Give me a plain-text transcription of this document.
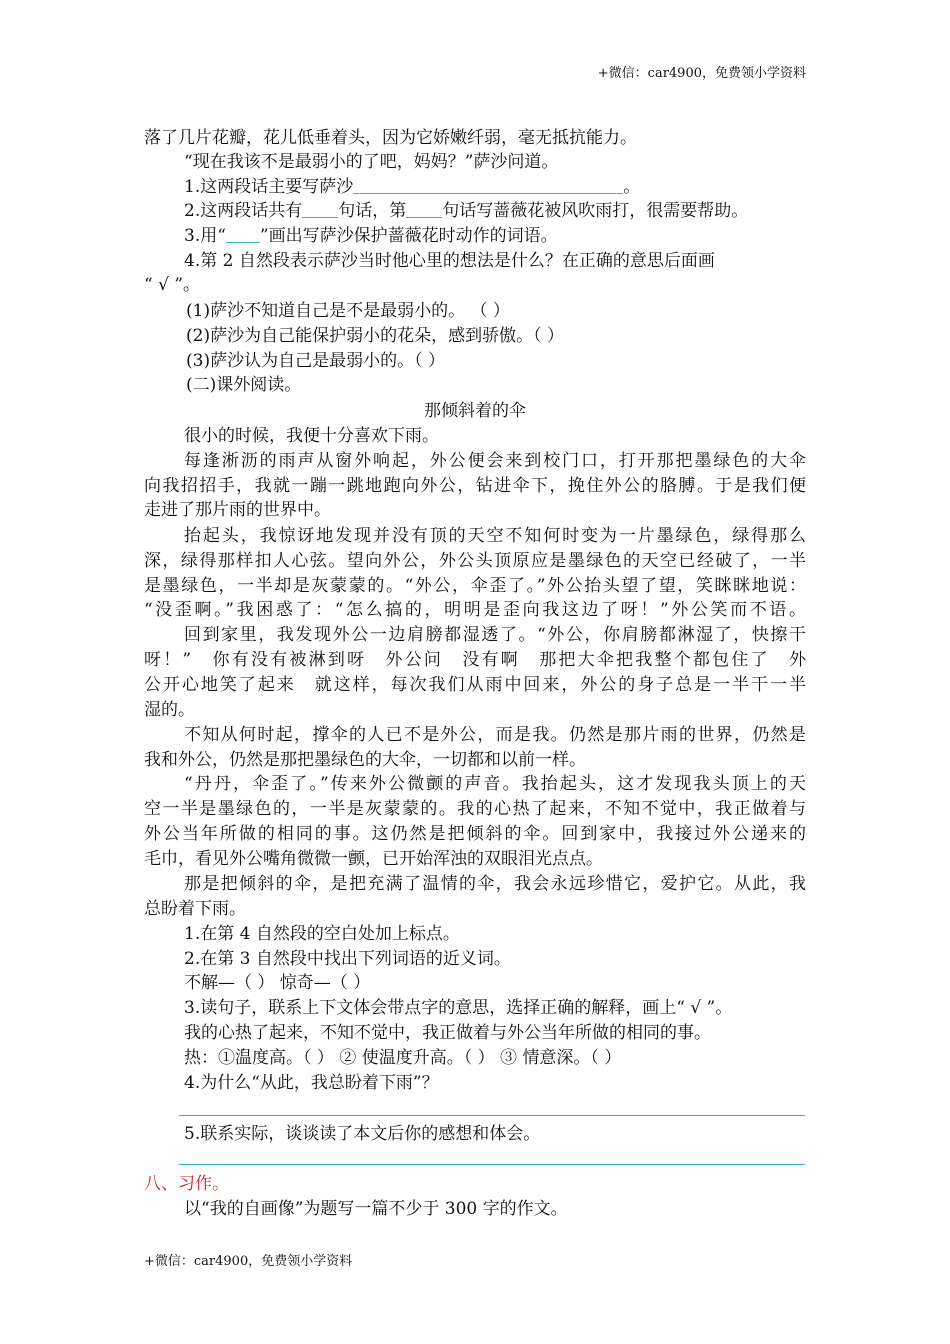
+微信：car4900，免费领小学资料
落了几片花瓣，花儿低垂着头，因为它娇嫩纤弱，毫无抵抗能力。
“现在我该不是最弱小的了吧，妈妈？”萨沙问道。
1.这两段话主要写萨沙	。
2.这两段话共有 句话，第 句话写蔷薇花被风吹雨打，很需要帮助。
3.用“ ”画出写萨沙保护蔷薇花时动作的词语。
4.第 2 自然段表示萨沙当时他心里的想法是什么？在正确的意思后面画
“ √ ”。
(1)萨沙不知道自己是不是最弱小的。 （ ）
(2)萨沙为自己能保护弱小的花朵，感到骄傲。（ ）
(3)萨沙认为自己是最弱小的。（ ）
(二)课外阅读。
那倾斜着的伞
很小的时候，我便十分喜欢下雨。
每逢淅沥的雨声从窗外响起，外公便会来到校门口，打开那把墨绿色的大伞
向我招招手，我就一蹦一跳地跑向外公，钻进伞下，挽住外公的胳膊。于是我们便
走进了那片雨的世界中。
抬起头，我惊讶地发现并没有顶的天空不知何时变为一片墨绿色，绿得那么
深，绿得那样扣人心弦。望向外公，外公头顶原应是墨绿色的天空已经破了，一半
是墨绿色，一半却是灰蒙蒙的。“外公，伞歪了。”外公抬头望了望，笑眯眯地说：
“没歪啊。”我困惑了：“怎么搞的，明明是歪向我这边了呀！”外公笑而不语。
回到家里，我发现外公一边肩膀都湿透了。“外公，你肩膀都淋湿了，快擦干
呀！”　你有没有被淋到呀　外公问　没有啊　那把大伞把我整个都包住了　外
公开心地笑了起来　就这样，每次我们从雨中回来，外公的身子总是一半干一半
湿的。
不知从何时起，撑伞的人已不是外公，而是我。仍然是那片雨的世界，仍然是
我和外公，仍然是那把墨绿色的大伞，一切都和以前一样。
“丹丹，伞歪了。”传来外公微颤的声音。我抬起头，这才发现我头顶上的天
空一半是墨绿色的，一半是灰蒙蒙的。我的心热了起来，不知不觉中，我正做着与
外公当年所做的相同的事。这仍然是把倾斜的伞。回到家中，我接过外公递来的
毛巾，看见外公嘴角微微一颤，已开始浑浊的双眼泪光点点。
那是把倾斜的伞，是把充满了温情的伞，我会永远珍惜它，爱护它。从此，我
总盼着下雨。
1.在第 4 自然段的空白处加上标点。
2.在第 3 自然段中找出下列词语的近义词。
不解—（ ） 惊奇—（ ）
3.读句子，联系上下文体会带点字的意思，选择正确的解释，画上“ √ ”。
我的心热了起来，不知不觉中，我正做着与外公当年所做的相同的事。
热：①温度高。（ ） ② 使温度升高。（ ） ③ 情意深。（ ）
4.为什么“从此，我总盼着下雨”？
5.联系实际，谈谈读了本文后你的感想和体会。
八、习作。
以“我的自画像”为题写一篇不少于 300 字的作文。
+微信：car4900，免费领小学资料
